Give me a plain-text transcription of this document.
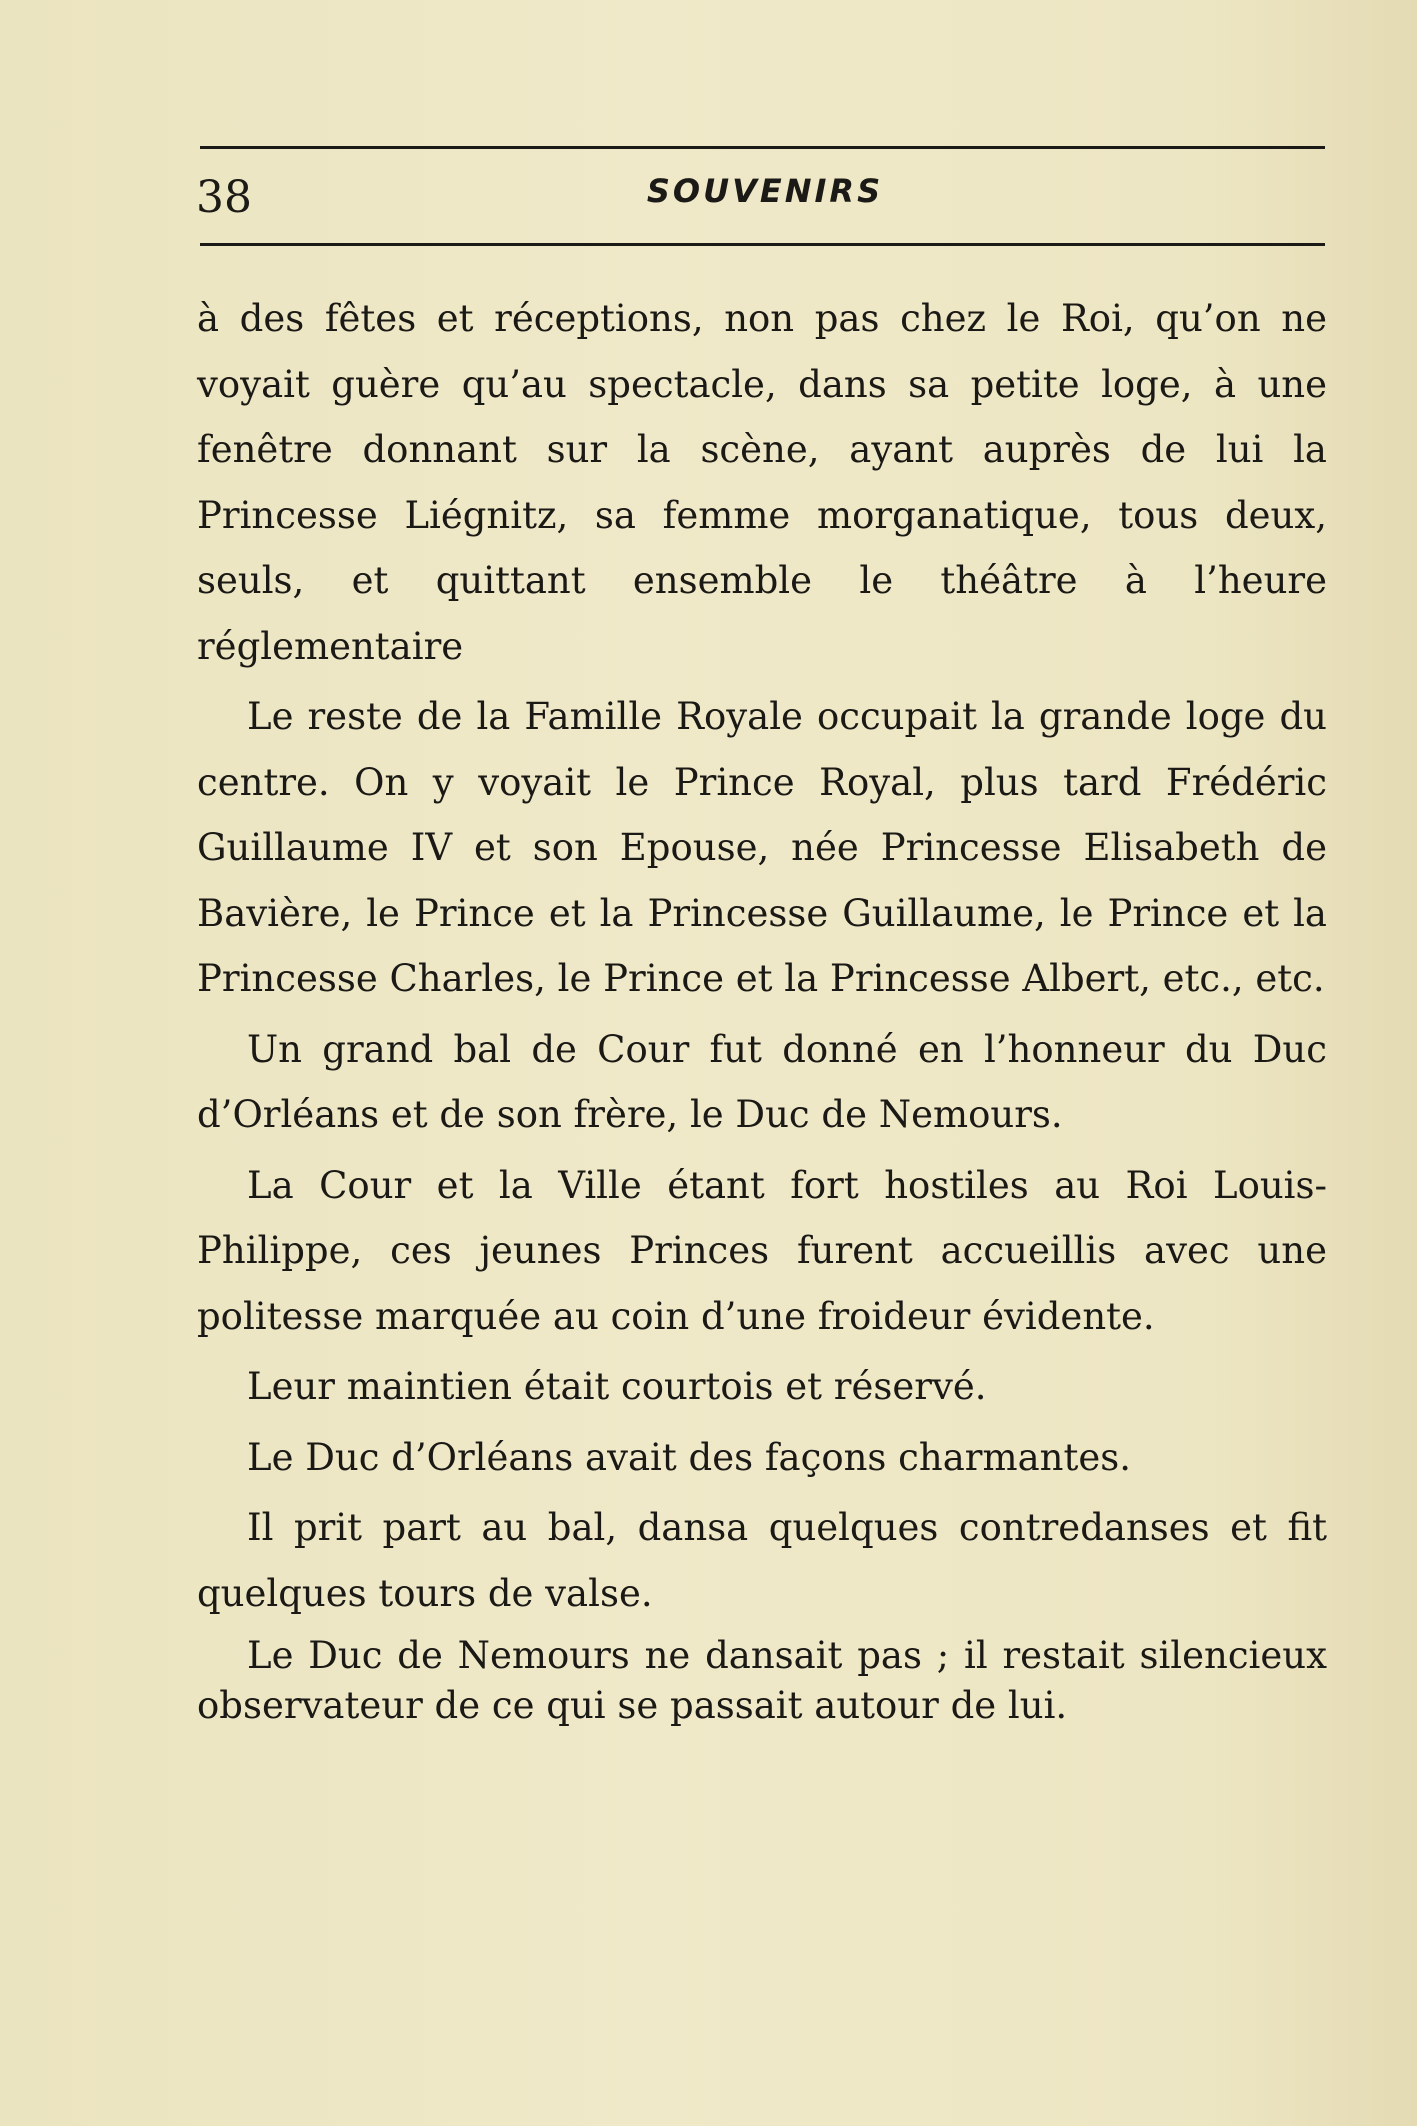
38	SOUVENIRS

à des fêtes et réceptions, non pas chez le Roi, qu’on ne voyait guère qu’au spectacle, dans sa petite loge, à une fenêtre donnant sur la scène, ayant auprès de lui la Princesse Liégnitz, sa femme morganatique, tous deux, seuls, et quittant ensemble le théâtre à l’heure réglementaire

Le reste de la Famille Royale occupait la grande loge du centre. On y voyait le Prince Royal, plus tard Frédéric Guillaume IV et son Epouse, née Princesse Elisabeth de Bavière, le Prince et la Princesse Guillaume, le Prince et la Princesse Charles, le Prince et la Princesse Albert, etc., etc.

Un grand bal de Cour fut donné en l’honneur du Duc d’Orléans et de son frère, le Duc de Nemours.

La Cour et la Ville étant fort hostiles au Roi Louis-Philippe, ces jeunes Princes furent accueillis avec une politesse marquée au coin d’une froideur évidente.

Leur maintien était courtois et réservé.

Le Duc d’Orléans avait des façons charmantes.

Il prit part au bal, dansa quelques contredanses et fit quelques tours de valse.

Le Duc de Nemours ne dansait pas ; il restait silencieux observateur de ce qui se passait autour de lui.
